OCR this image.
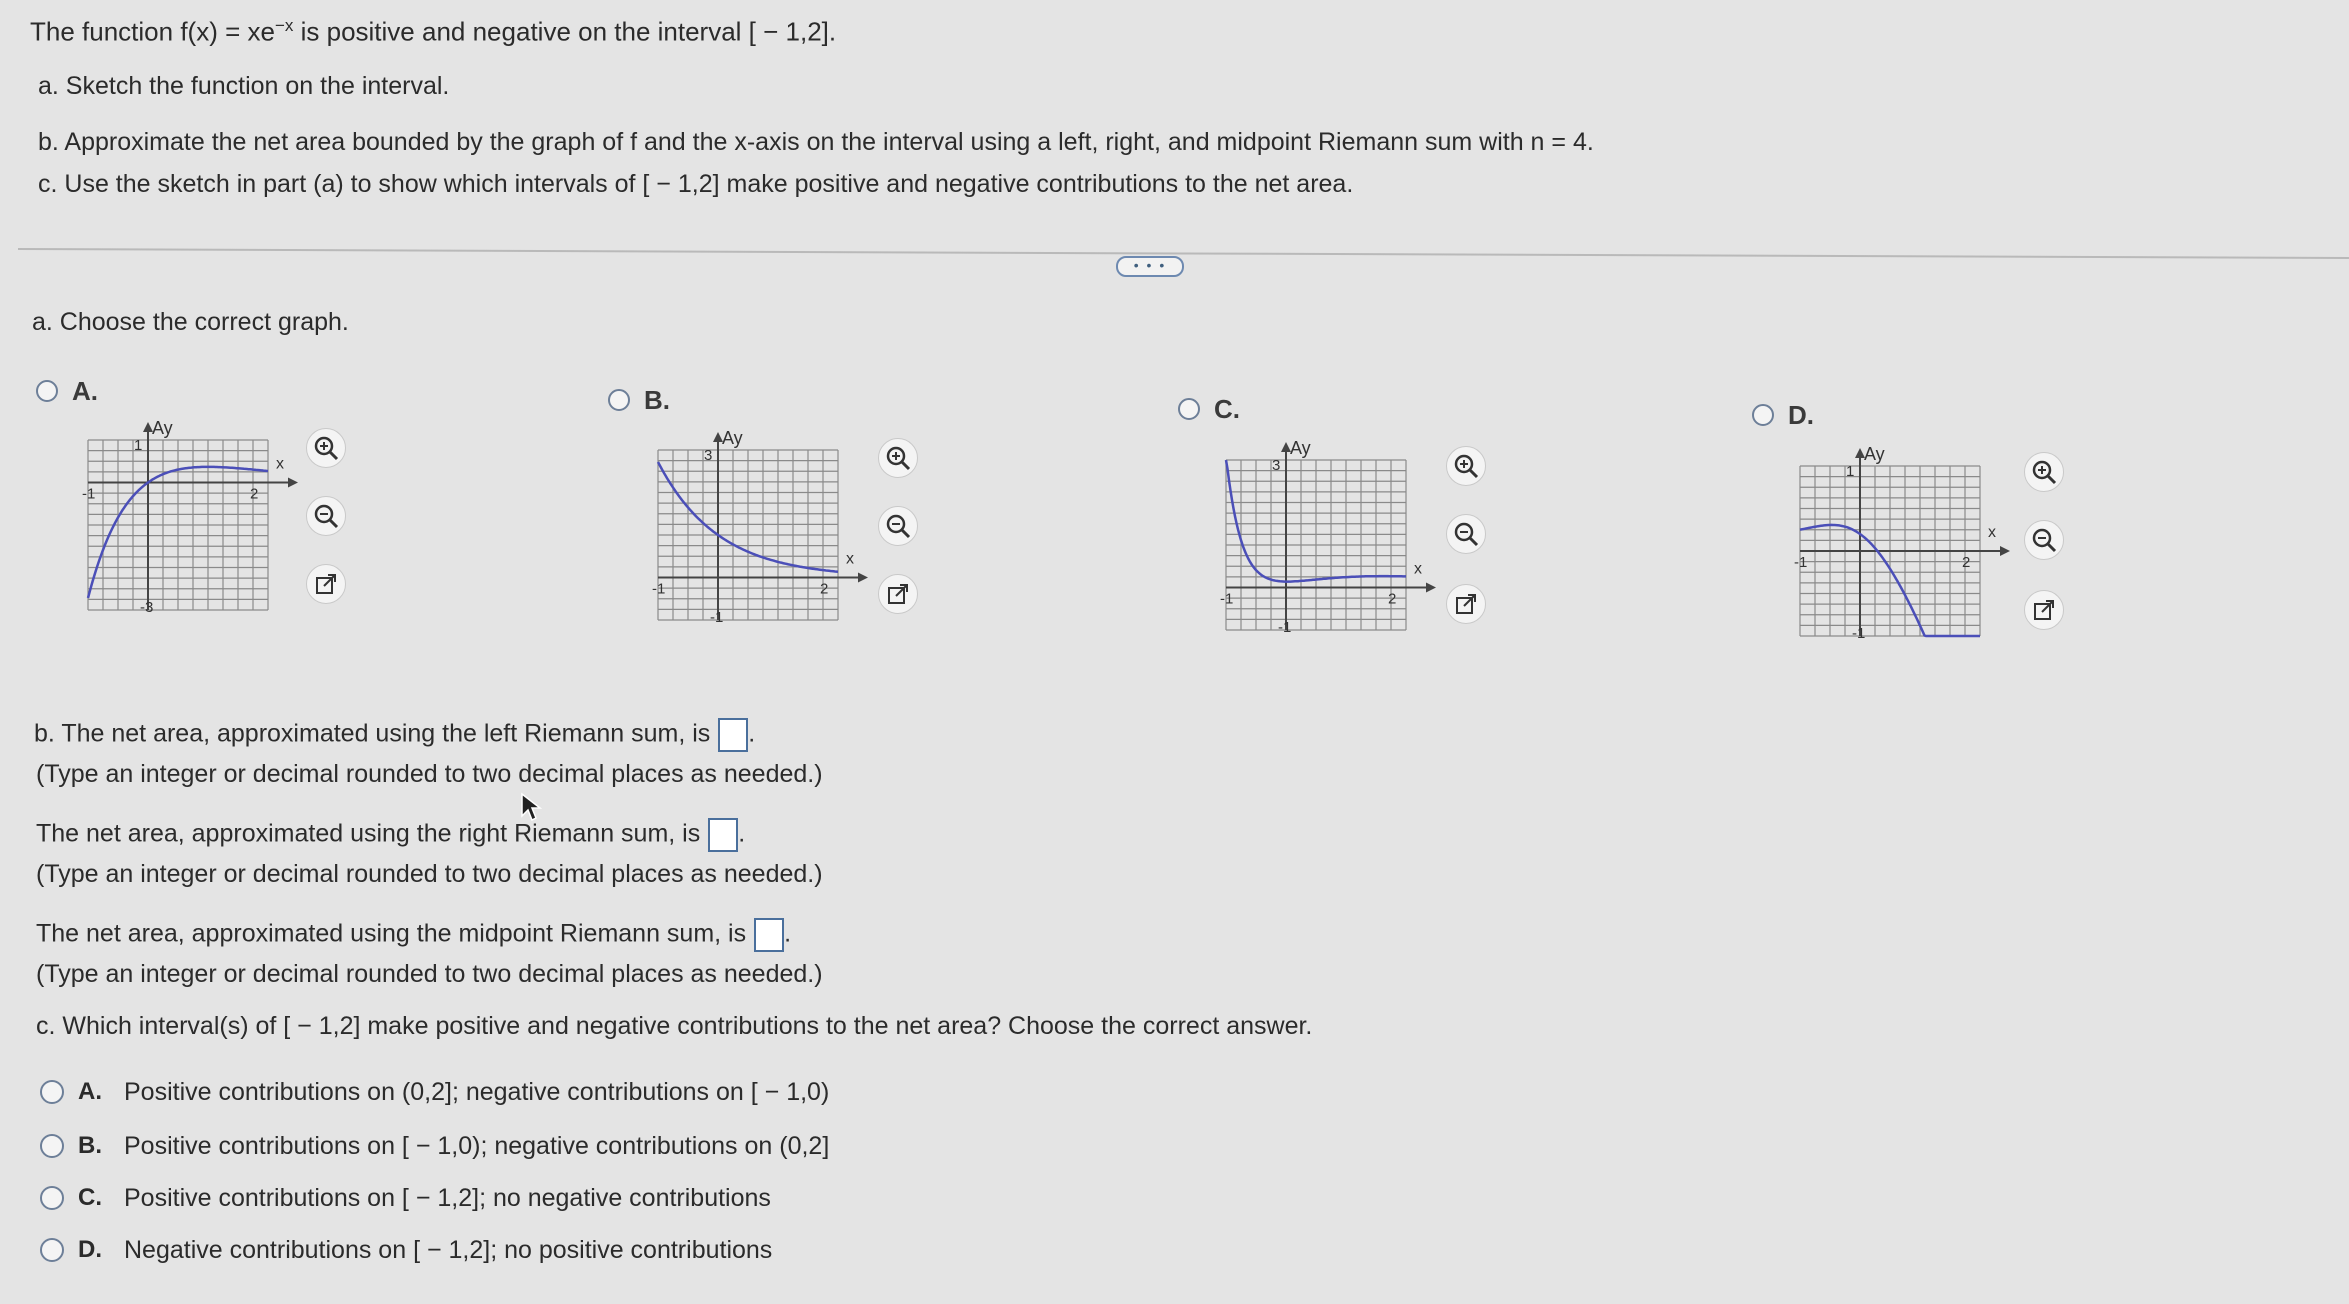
The function $f(x) = xe^{-x}$ is positive and negative on the interval [ − 1,2].
a. Sketch the function on the interval.
b. Approximate the net area bounded by the graph of f and the x-axis on the interval using a left, right, and midpoint Riemann sum with n = 4.
c. Use the sketch in part (a) to show which intervals of [ − 1,2] make positive and negative contributions to the net area.
• • •
a. Choose the correct graph.
A.
Ay
x
1
-1	2
-3
B.
Ay
x
3
-1	2
-1
C.
Ay
x
3
-1	2
-1
D.
Ay
x
1
-1	2
-1
b. The net area, approximated using the left Riemann sum, is .
(Type an integer or decimal rounded to two decimal places as needed.)
The net area, approximated using the right Riemann sum, is .
(Type an integer or decimal rounded to two decimal places as needed.)
The net area, approximated using the midpoint Riemann sum, is .
(Type an integer or decimal rounded to two decimal places as needed.)
c. Which interval(s) of [ − 1,2] make positive and negative contributions to the net area? Choose the correct answer.
A. Positive contributions on (0,2]; negative contributions on [ − 1,0)
B. Positive contributions on [ − 1,0); negative contributions on (0,2]
C. Positive contributions on [ − 1,2]; no negative contributions
D. Negative contributions on [ − 1,2]; no positive contributions
